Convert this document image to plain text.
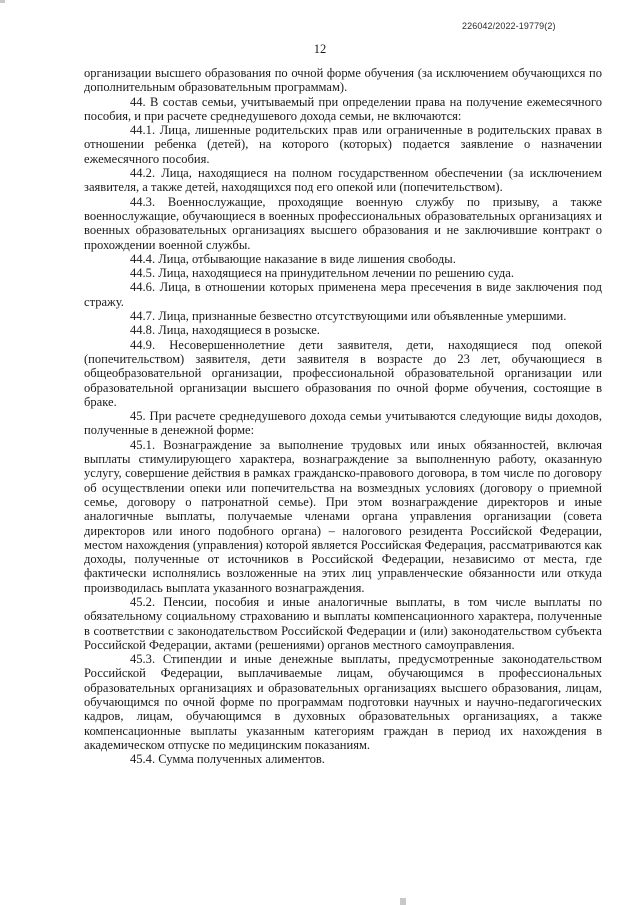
226042/2022-19779(2)
12

организации высшего образования по очной форме обучения (за исключением обучающихся по дополнительным образовательным программам).

44. В состав семьи, учитываемый при определении права на получение ежемесячного пособия, и при расчете среднедушевого дохода семьи, не включаются:

44.1. Лица, лишенные родительских прав или ограниченные в родительских правах в отношении ребенка (детей), на которого (которых) подается заявление о назначении ежемесячного пособия.

44.2. Лица, находящиеся на полном государственном обеспечении (за исключением заявителя, а также детей, находящихся под его опекой или (попечительством).

44.3. Военнослужащие, проходящие военную службу по призыву, а также военнослужащие, обучающиеся в военных профессиональных образовательных организациях и военных образовательных организациях высшего образования и не заключившие контракт о прохождении военной службы.

44.4. Лица, отбывающие наказание в виде лишения свободы.

44.5. Лица, находящиеся на принудительном лечении по решению суда.

44.6. Лица, в отношении которых применена мера пресечения в виде заключения под стражу.

44.7. Лица, признанные безвестно отсутствующими или объявленные умершими.

44.8. Лица, находящиеся в розыске.

44.9. Несовершеннолетние дети заявителя, дети, находящиеся под опекой (попечительством) заявителя, дети заявителя в возрасте до 23 лет, обучающиеся в общеобразовательной организации, профессиональной образовательной организации или образовательной организации высшего образования по очной форме обучения, состоящие в браке.

45. При расчете среднедушевого дохода семьи учитываются следующие виды доходов, полученные в денежной форме:

45.1. Вознаграждение за выполнение трудовых или иных обязанностей, включая выплаты стимулирующего характера, вознаграждение за выполненную работу, оказанную услугу, совершение действия в рамках гражданско-правового договора, в том числе по договору об осуществлении опеки или попечительства на возмездных условиях (договору о приемной семье, договору о патронатной семье). При этом вознаграждение директоров и иные аналогичные выплаты, получаемые членами органа управления организации (совета директоров или иного подобного органа) – налогового резидента Российской Федерации, местом нахождения (управления) которой является Российская Федерация, рассматриваются как доходы, полученные от источников в Российской Федерации, независимо от места, где фактически исполнялись возложенные на этих лиц управленческие обязанности или откуда производилась выплата указанного вознаграждения.

45.2. Пенсии, пособия и иные аналогичные выплаты, в том числе выплаты по обязательному социальному страхованию и выплаты компенсационного характера, полученные в соответствии с законодательством Российской Федерации и (или) законодательством субъекта Российской Федерации, актами (решениями) органов местного самоуправления.

45.3. Стипендии и иные денежные выплаты, предусмотренные законодательством Российской Федерации, выплачиваемые лицам, обучающимся в профессиональных образовательных организациях и образовательных организациях высшего образования, лицам, обучающимся по очной форме по программам подготовки научных и научно-педагогических кадров, лицам, обучающимся в духовных образовательных организациях, а также компенсационные выплаты указанным категориям граждан в период их нахождения в академическом отпуске по медицинским показаниям.

45.4. Сумма полученных алиментов.
